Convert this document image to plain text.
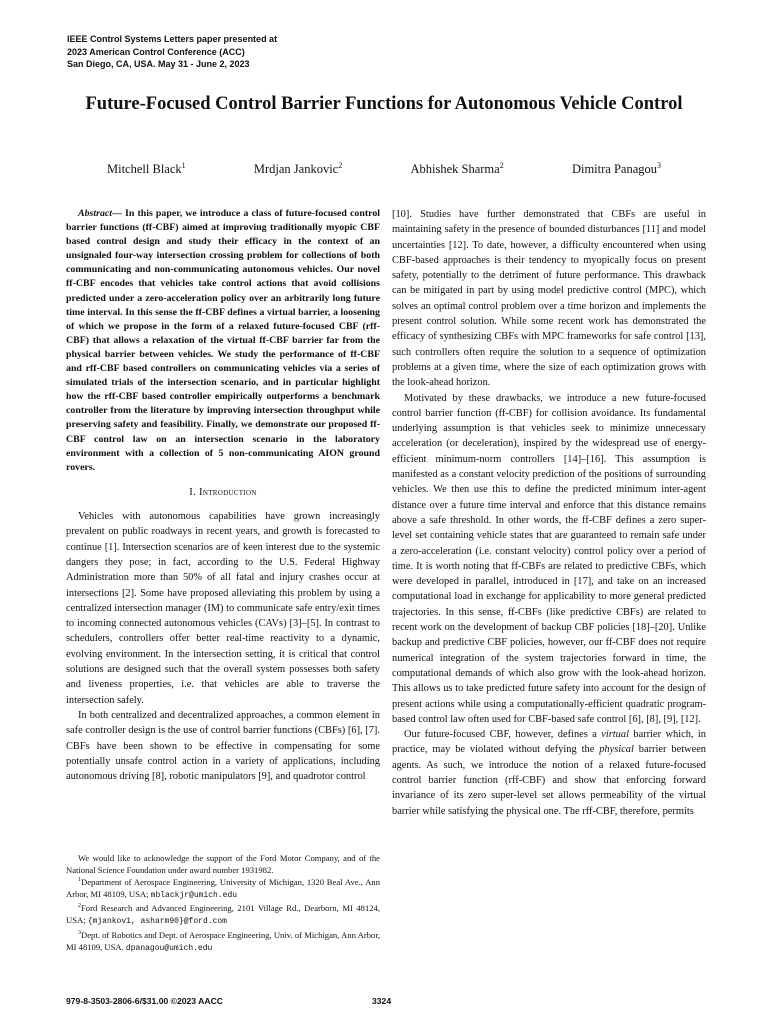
IEEE Control Systems Letters paper presented at
2023 American Control Conference (ACC)
San Diego, CA, USA. May 31 - June 2, 2023
Future-Focused Control Barrier Functions for Autonomous Vehicle Control
Mitchell Black$^1$	Mrdjan Jankovic$^2$	Abhishek Sharma$^2$	Dimitra Panagou$^3$

Abstract— In this paper, we introduce a class of future-focused control barrier functions (ff-CBF) aimed at improving traditionally myopic CBF based control design and study their efficacy in the context of an unsignaled four-way intersection crossing problem for collections of both communicating and non-communicating autonomous vehicles. Our novel ff-CBF encodes that vehicles take control actions that avoid collisions predicted under a zero-acceleration policy over an arbitrarily long future time interval. In this sense the ff-CBF defines a virtual barrier, a loosening of which we propose in the form of a relaxed future-focused CBF (rff-CBF) that allows a relaxation of the virtual ff-CBF barrier far from the physical barrier between vehicles. We study the performance of ff-CBF and rff-CBF based controllers on communicating vehicles via a series of simulated trials of the intersection scenario, and in particular highlight how the rff-CBF based controller empirically outperforms a benchmark controller from the literature by improving intersection throughput while preserving safety and feasibility. Finally, we demonstrate our proposed ff-CBF control law on an intersection scenario in the laboratory environment with a collection of 5 non-communicating AION ground rovers.

I. Introduction

Vehicles with autonomous capabilities have grown increasingly prevalent on public roadways in recent years, and growth is forecasted to continue [1]. Intersection scenarios are of keen interest due to the systemic dangers they pose; in fact, according to the U.S. Federal Highway Administration more than 50% of all fatal and injury crashes occur at intersections [2]. Some have proposed alleviating this problem by using a centralized intersection manager (IM) to communicate safe entry/exit times to incoming connected autonomous vehicles (CAVs) [3]–[5]. In contrast to schedulers, controllers offer better real-time reactivity to a dynamic, evolving environment. In the intersection setting, it is critical that control solutions are designed such that the overall system possesses both safety and liveness properties, i.e. that vehicles are able to traverse the intersection safely.

In both centralized and decentralized approaches, a common element in safe controller design is the use of control barrier functions (CBFs) [6], [7]. CBFs have been shown to be effective in compensating for some potentially unsafe control action in a variety of applications, including autonomous driving [8], robotic manipulators [9], and quadrotor control

We would like to acknowledge the support of the Ford Motor Company, and of the National Science Foundation under award number 1931982.

$^1$Department of Aerospace Engineering, University of Michigan, 1320 Beal Ave., Ann Arbor, MI 48109, USA; mblackjr@umich.edu

$^2$Ford Research and Advanced Engineering, 2101 Village Rd., Dearborn, MI 48124, USA; {mjankov1, asharm90}@ford.com

$^3$Dept. of Robotics and Dept. of Aerospace Engineering, Univ. of Michigan, Ann Arbor, MI 48109, USA. dpanagou@umich.edu

[10]. Studies have further demonstrated that CBFs are useful in maintaining safety in the presence of bounded disturbances [11] and model uncertainties [12]. To date, however, a difficulty encountered when using CBF-based approaches is their tendency to myopically focus on present safety, potentially to the detriment of future performance. This drawback can be mitigated in part by using model predictive control (MPC), which solves an optimal control problem over a time horizon and implements the present control solution. While some recent work has demonstrated the efficacy of synthesizing CBFs with MPC frameworks for safe control [13], such controllers often require the solution to a sequence of optimization problems at a given time, where the size of each optimization grows with the look-ahead horizon.

Motivated by these drawbacks, we introduce a new future-focused control barrier function (ff-CBF) for collision avoidance. Its fundamental underlying assumption is that vehicles seek to minimize unnecessary acceleration (or deceleration), inspired by the widespread use of energy-efficient minimum-norm controllers [14]–[16]. This assumption is manifested as a constant velocity prediction of the positions of surrounding vehicles. We then use this to define the predicted minimum inter-agent distance over a future time interval and enforce that this distance remains above a safe threshold. In other words, the ff-CBF defines a zero super-level set containing vehicle states that are guaranteed to remain safe under a zero-acceleration (i.e. constant velocity) control policy over a period of time. It is worth noting that ff-CBFs are related to predictive CBFs, which were developed in parallel, introduced in [17], and take on an increased computational load in exchange for applicability to more general predicted trajectories. In this sense, ff-CBFs (like predictive CBFs) are related to recent work on the development of backup CBF policies [18]–[20]. Unlike backup and predictive CBF policies, however, our ff-CBF does not require numerical integration of the system trajectories forward in time, the computational demands of which also grow with the look-ahead horizon. This allows us to take predicted future safety into account for the design of present actions while using a computationally-efficient quadratic program-based control law often used for CBF-based safe control [6], [8], [9], [12].

Our future-focused CBF, however, defines a virtual barrier which, in practice, may be violated without defying the physical barrier between agents. As such, we introduce the notion of a relaxed future-focused control barrier function (rff-CBF) and show that enforcing forward invariance of its zero super-level set allows permeability of the virtual barrier while satisfying the physical one. The rff-CBF, therefore, permits

979-8-3503-2806-6/$31.00 ©2023 AACC	3324
